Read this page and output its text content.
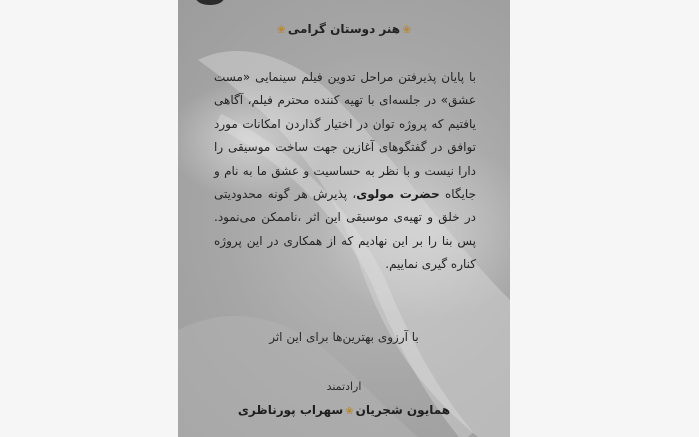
❀هنر دوستان گرامی❀
با پایان پذیرفتن مراحل تدوین فیلم سینمایی «مست عشق» در جلسه‌ای با تهیه کننده محترم فیلم، آگاهی یافتیم که پروژه توان در اختیار گذاردن امکانات مورد توافق در گفتگوهای آغازین جهت ساخت موسیقی را دارا نیست و با نظر به حساسیت و عشق ما به نام و جایگاه حضرت مولوی، پذیرش هر گونه محدودیتی در خلق و تهیه‌ی موسیقی این اثر ،ناممکن می‌نمود. پس بنا را بر این نهادیم که از همکاری در این پروژه کناره گیری نماییم.
با آرزوی بهترین‌ها برای این اثر
ارادتمند
همایون شجریان❀سهراب پورناظری
